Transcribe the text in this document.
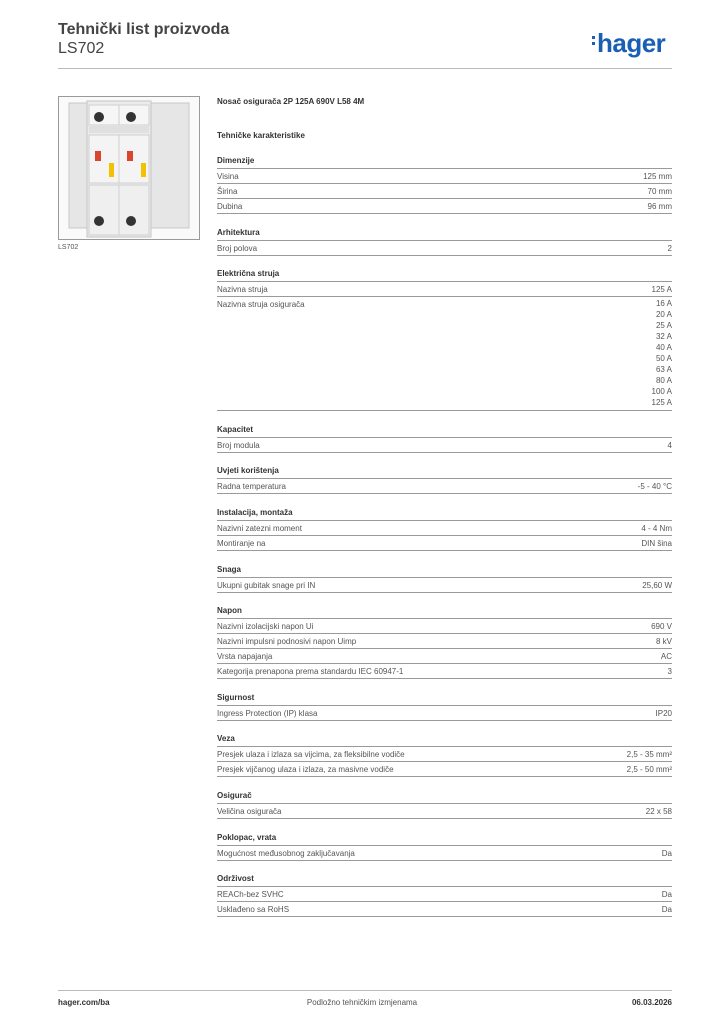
Tehnički list proizvoda
LS702	hager
LS702
Nosač osigurača 2P 125A 690V L58 4M
Tehničke karakteristike
Dimenzije
Visina	125 mm
Širina	70 mm
Dubina	96 mm
Arhitektura
Broj polova	2
Električna struja
Nazivna struja	125 A
Nazivna struja osigurača	16 A
20 A
25 A
32 A
40 A
50 A
63 A
80 A
100 A
125 A
Kapacitet
Broj modula	4
Uvjeti korištenja
Radna temperatura	-5 - 40 °C
Instalacija, montaža
Nazivni zatezni moment	4 - 4 Nm
Montiranje na	DIN šina
Snaga
Ukupni gubitak snage pri IN	25,60 W
Napon
Nazivni izolacijski napon Ui	690 V
Nazivni impulsni podnosivi napon Uimp	8 kV
Vrsta napajanja	AC
Kategorija prenapona prema standardu IEC 60947-1	3
Sigurnost
Ingress Protection (IP) klasa	IP20
Veza
Presjek ulaza i izlaza sa vijcima, za fleksibilne vodiče	2,5 - 35 mm²
Presjek vijčanog ulaza i izlaza, za masivne vodiče	2,5 - 50 mm²
Osigurač
Veličina osigurača	22 x 58
Poklopac, vrata
Mogućnost međusobnog zaključavanja	Da
Održivost
REACh-bez SVHC	Da
Usklađeno sa RoHS	Da
hager.com/ba	Podložno tehničkim izmjenama	06.03.2026
